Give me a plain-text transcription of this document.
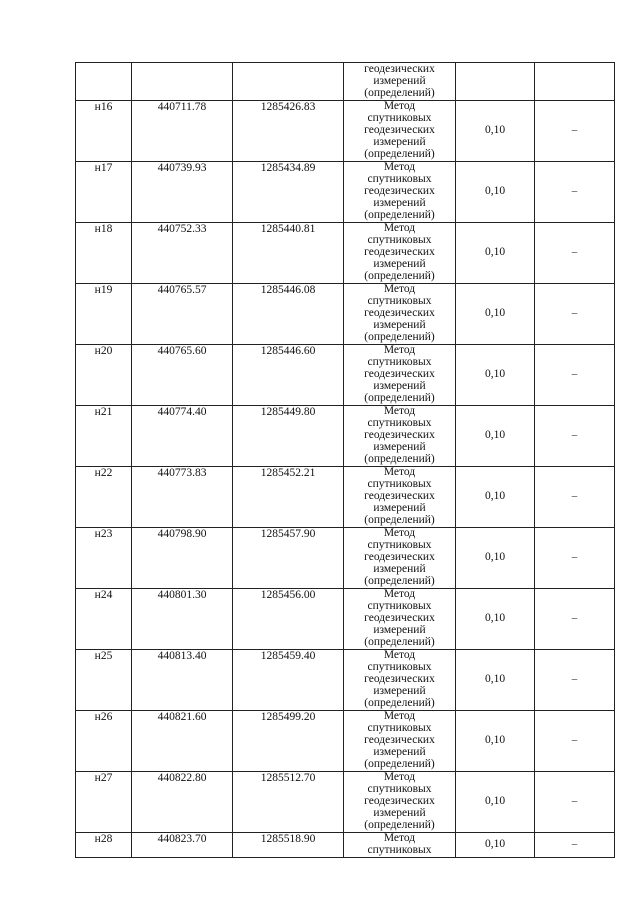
			геодезических
измерений
(определений)		

н16	440711.78	1285426.83	Метод
спутниковых
геодезических
измерений
(определений)	0,10	–
н17	440739.93	1285434.89	Метод
спутниковых
геодезических
измерений
(определений)	0,10	–
н18	440752.33	1285440.81	Метод
спутниковых
геодезических
измерений
(определений)	0,10	–
н19	440765.57	1285446.08	Метод
спутниковых
геодезических
измерений
(определений)	0,10	–
н20	440765.60	1285446.60	Метод
спутниковых
геодезических
измерений
(определений)	0,10	–
н21	440774.40	1285449.80	Метод
спутниковых
геодезических
измерений
(определений)	0,10	–
н22	440773.83	1285452.21	Метод
спутниковых
геодезических
измерений
(определений)	0,10	–
н23	440798.90	1285457.90	Метод
спутниковых
геодезических
измерений
(определений)	0,10	–
н24	440801.30	1285456.00	Метод
спутниковых
геодезических
измерений
(определений)	0,10	–
н25	440813.40	1285459.40	Метод
спутниковых
геодезических
измерений
(определений)	0,10	–
н26	440821.60	1285499.20	Метод
спутниковых
геодезических
измерений
(определений)	0,10	–
н27	440822.80	1285512.70	Метод
спутниковых
геодезических
измерений
(определений)	0,10	–
н28	440823.70	1285518.90	Метод
спутниковых	0,10	–
